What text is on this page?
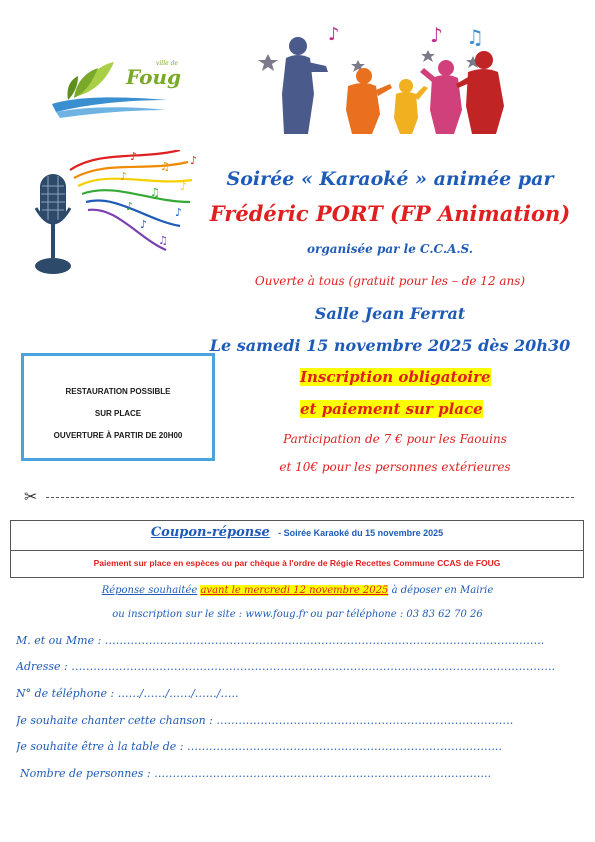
ville de
Foug
♪	♪ ♫
♪
♫
♪
♫
♪
♪
♫
♪
♪
♪
Soirée « Karaoké » animée par
Frédéric PORT (FP Animation)
organisée par le C.C.A.S.
Ouverte à tous (gratuit pour les – de 12 ans)
Salle Jean Ferrat
Le samedi 15 novembre 2025 dès 20h30
Inscription obligatoire
et paiement sur place
Participation de 7 € pour les Faouins
et 10€ pour les personnes extérieures
RESTAURATION POSSIBLE
SUR PLACE
OUVERTURE À PARTIR DE 20H00
✂
Coupon-réponse - Soirée Karaoké du 15 novembre 2025
Paiement sur place en espèces ou par chèque à l'ordre de Régie Recettes Commune CCAS de FOUG
Réponse souhaitée avant le mercredi 12 novembre 2025 à déposer en Mairie
ou inscription sur le site : www.foug.fr ou par téléphone : 03 83 62 70 26
M. et ou Mme : …………………………………………………………………………………………………….…..
Adresse : ……………………………………………………………………………………………………………………
N° de téléphone : ……/……/……/……/…..
Je souhaite chanter cette chanson : ………………………………………………………………………
Je souhaite être à la table de : …………………………………………………………………………..
Nombre de personnes : ………………………………………………………………………………..
